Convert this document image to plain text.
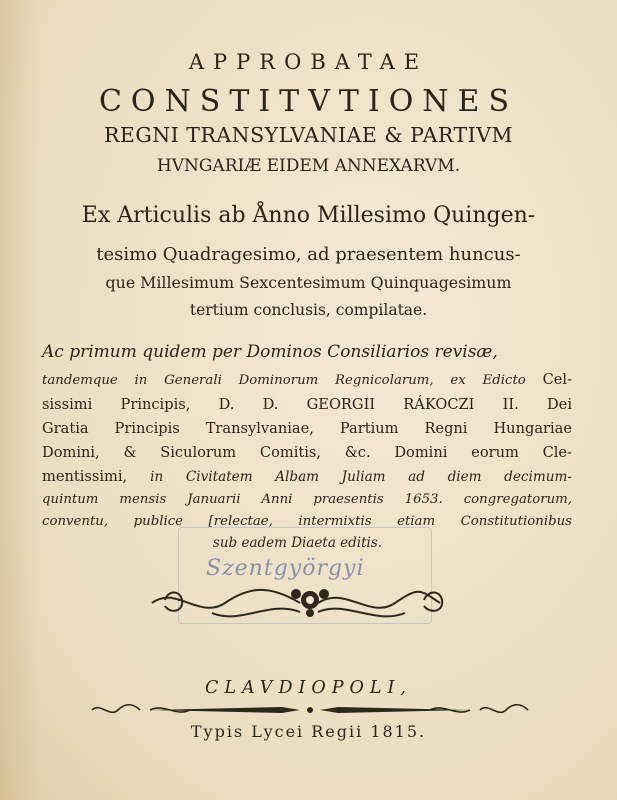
APPROBATAE
CONSTITVTIONES
REGNI TRANSYLVANIAE & PARTIVM
HVNGARIÆ EIDEM ANNEXARVM.
Ex Articulis ab Ånno Millesimo Quingen-
tesimo Quadragesimo, ad praesentem huncus-
que Millesimum Sexcentesimum Quinquagesimum
tertium conclusis, compilatae.
Ac primum quidem per Dominos Consiliarios revisæ,
tandemque in Generali Dominorum Regnicolarum, ex Edicto Cel-
sissimi Principis, D. D. GEORGII RÁKOCZI II. Dei
Gratia Principis Transylvaniae, Partium Regni Hungariae
Domini, & Siculorum Comitis, &c. Domini eorum Cle-
mentissimi, in Civitatem Albam Juliam ad diem decimum-
quintum mensis Januarii Anni praesentis 1653. congregatorum,
conventu, publice [relectae, intermixtis etiam Constitutionibus
sub eadem Diaeta editis.
Szentgyörgyi
CLAVDIOPOLI,
Typis Lycei Regii 1815.
